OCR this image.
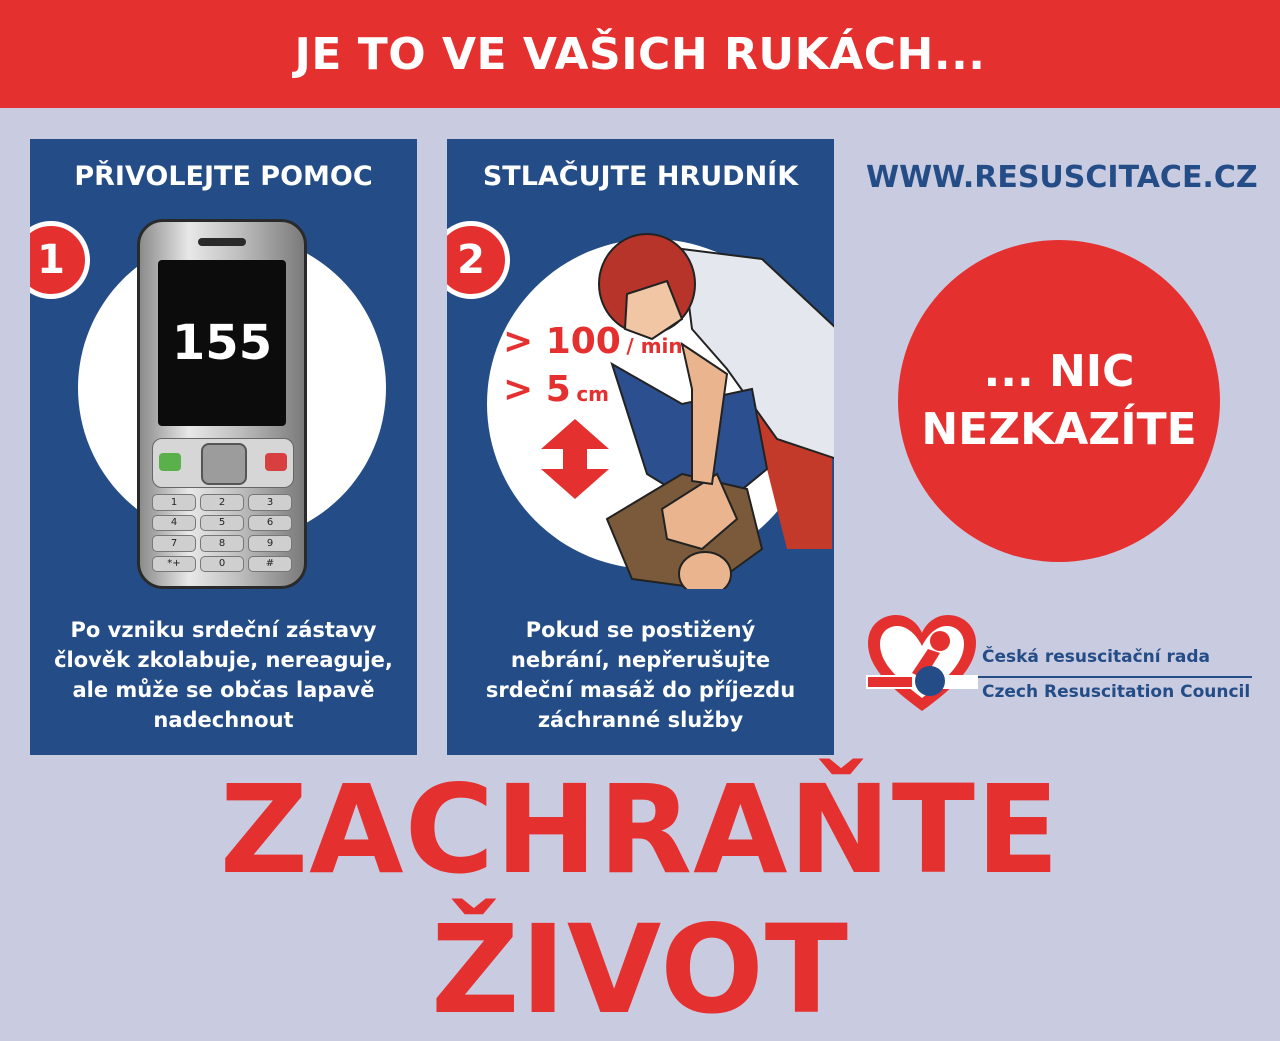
JE TO VE VAŠICH RUKÁCH...
PŘIVOLEJTE POMOC
1
155
1	2	3
4	5	6
7	8	9
*+	0	#
Po vzniku srdeční zástavy
člověk zkolabuje, nereaguje,
ale může se občas lapavě
nadechnout
STLAČUJTE HRUDNÍK
2
> 100 / min
> 5 cm
Pokud se postižený
nebrání, nepřerušujte
srdeční masáž do příjezdu
záchranné služby
WWW.RESUSCITACE.CZ
... NIC
NEZKAZÍTE
Česká resuscitační rada
Czech Resuscitation Council
ZACHRAŇTE ŽIVOT
